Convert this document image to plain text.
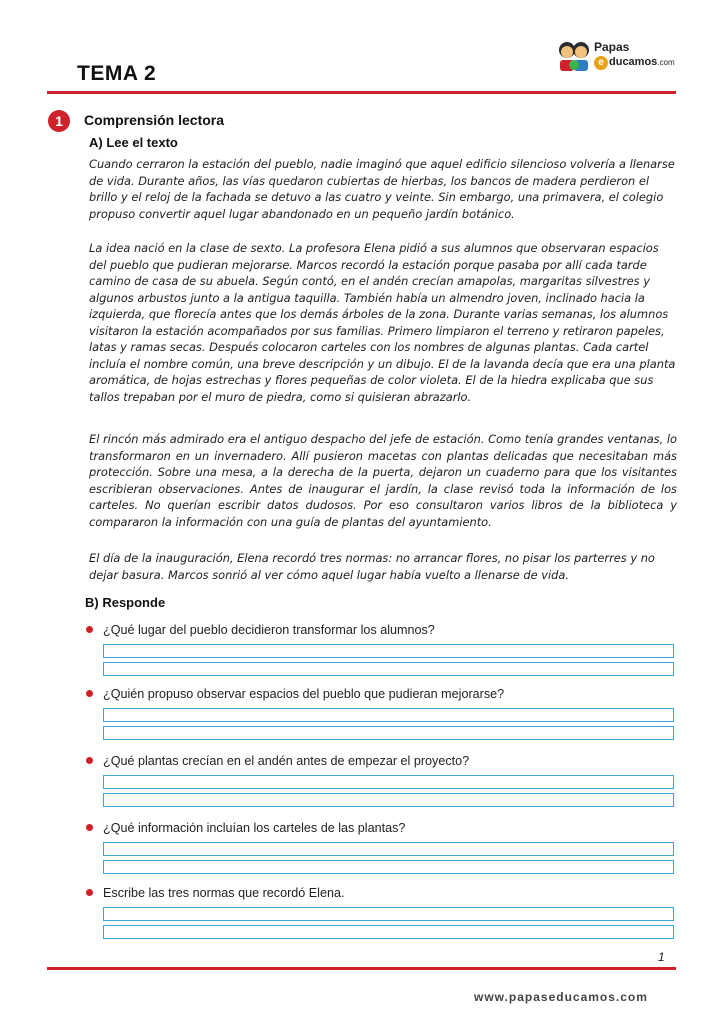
TEMA 2
Papas
e ducamos.com
1	Comprensión lectora
A) Lee el texto

Cuando cerraron la estación del pueblo, nadie imaginó que aquel edificio silencioso volvería a llenarse de vida. Durante años, las vías quedaron cubiertas de hierbas, los bancos de madera perdieron el brillo y el reloj de la fachada se detuvo a las cuatro y veinte. Sin embargo, una primavera, el colegio propuso convertir aquel lugar abandonado en un pequeño jardín botánico.

La idea nació en la clase de sexto. La profesora Elena pidió a sus alumnos que observaran espacios del pueblo que pudieran mejorarse. Marcos recordó la estación porque pasaba por allí cada tarde camino de casa de su abuela. Según contó, en el andén crecían amapolas, margaritas silvestres y algunos arbustos junto a la antigua taquilla. También había un almendro joven, inclinado hacia la izquierda, que florecía antes que los demás árboles de la zona. Durante varias semanas, los alumnos visitaron la estación acompañados por sus familias. Primero limpiaron el terreno y retiraron papeles, latas y ramas secas. Después colocaron carteles con los nombres de algunas plantas. Cada cartel incluía el nombre común, una breve descripción y un dibujo. El de la lavanda decía que era una planta aromática, de hojas estrechas y flores pequeñas de color violeta. El de la hiedra explicaba que sus tallos trepaban por el muro de piedra, como si quisieran abrazarlo.

El rincón más admirado era el antiguo despacho del jefe de estación. Como tenía grandes ventanas, lo transformaron en un invernadero. Allí pusieron macetas con plantas delicadas que necesitaban más protección. Sobre una mesa, a la derecha de la puerta, dejaron un cuaderno para que los visitantes escribieran observaciones. Antes de inaugurar el jardín, la clase revisó toda la información de los carteles. No querían escribir datos dudosos. Por eso consultaron varios libros de la biblioteca y compararon la información con una guía de plantas del ayuntamiento.

El día de la inauguración, Elena recordó tres normas: no arrancar flores, no pisar los parterres y no dejar basura. Marcos sonrió al ver cómo aquel lugar había vuelto a llenarse de vida.

B) Responde
¿Qué lugar del pueblo decidieron transformar los alumnos?
¿Quién propuso observar espacios del pueblo que pudieran mejorarse?
¿Qué plantas crecían en el andén antes de empezar el proyecto?
¿Qué información incluían los carteles de las plantas?
Escribe las tres normas que recordó Elena.
1
www.papaseducamos.com
